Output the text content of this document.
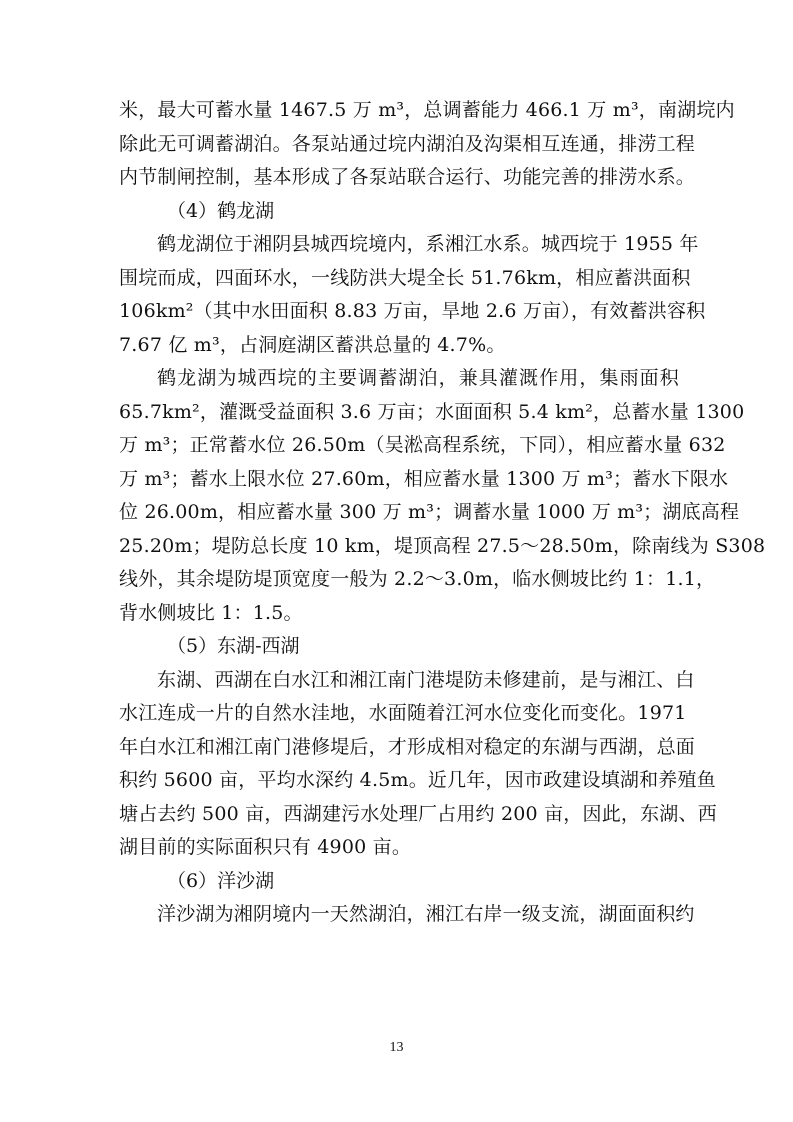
米，最大可蓄水量 1467.5 万 m³，总调蓄能力 466.1 万 m³，南湖垸内
除此无可调蓄湖泊。各泵站通过垸内湖泊及沟渠相互连通，排涝工程
内节制闸控制，基本形成了各泵站联合运行、功能完善的排涝水系。
（4）鹤龙湖
鹤龙湖位于湘阴县城西垸境内，系湘江水系。城西垸于 1955 年
围垸而成，四面环水，一线防洪大堤全长 51.76km，相应蓄洪面积
106km²（其中水田面积 8.83 万亩，旱地 2.6 万亩），有效蓄洪容积
7.67 亿 m³，占洞庭湖区蓄洪总量的 4.7%。
鹤龙湖为城西垸的主要调蓄湖泊，兼具灌溉作用，集雨面积
65.7km²，灌溉受益面积 3.6 万亩；水面面积 5.4 km²，总蓄水量 1300
万 m³；正常蓄水位 26.50m（吴淞高程系统，下同），相应蓄水量 632
万 m³；蓄水上限水位 27.60m，相应蓄水量 1300 万 m³；蓄水下限水
位 26.00m，相应蓄水量 300 万 m³；调蓄水量 1000 万 m³；湖底高程
25.20m；堤防总长度 10 km，堤顶高程 27.5～28.50m，除南线为 S308
线外，其余堤防堤顶宽度一般为 2.2～3.0m，临水侧坡比约 1：1.1，
背水侧坡比 1：1.5。
（5）东湖-西湖
东湖、西湖在白水江和湘江南门港堤防未修建前，是与湘江、白
水江连成一片的自然水洼地，水面随着江河水位变化而变化。1971
年白水江和湘江南门港修堤后，才形成相对稳定的东湖与西湖，总面
积约 5600 亩，平均水深约 4.5m。近几年，因市政建设填湖和养殖鱼
塘占去约 500 亩，西湖建污水处理厂占用约 200 亩，因此，东湖、西
湖目前的实际面积只有 4900 亩。
（6）洋沙湖
洋沙湖为湘阴境内一天然湖泊，湘江右岸一级支流，湖面面积约
13
